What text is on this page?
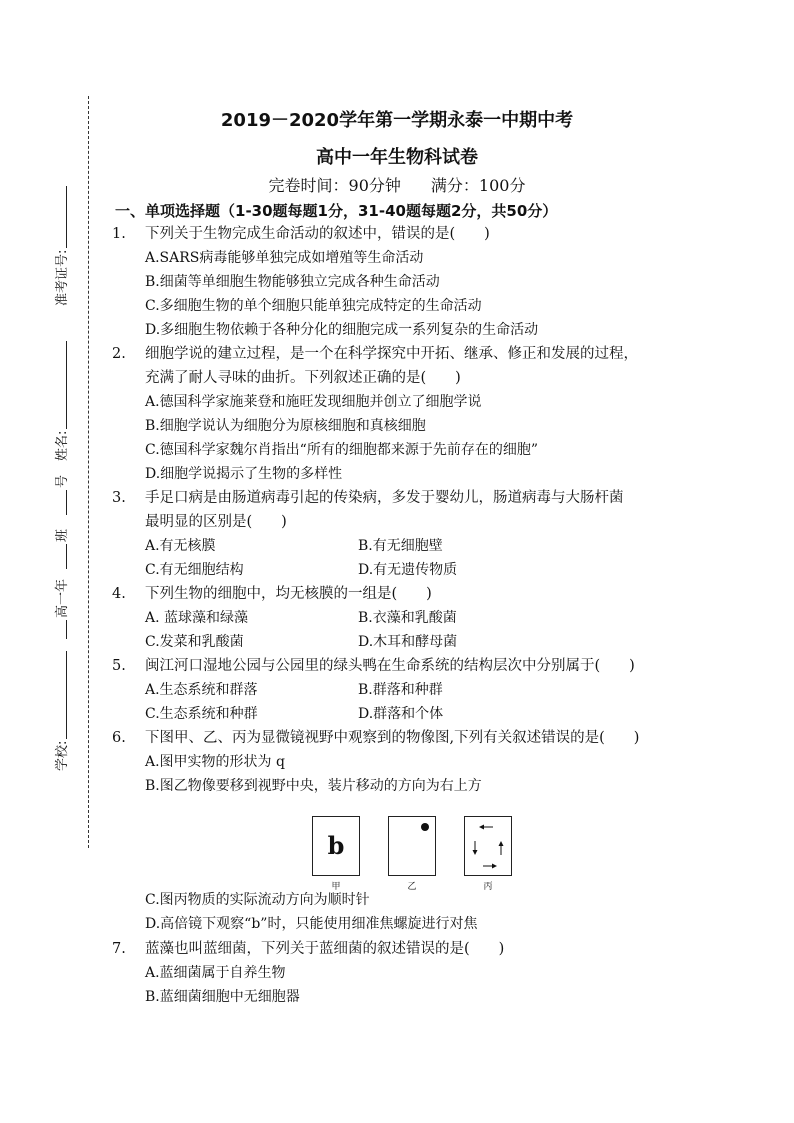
准考证号:
姓名:
号
班
高一年
学校:
2019－2020学年第一学期永泰一中期中考
高中一年生物科试卷
完卷时间：90分钟 满分：100分
一、单项选择题（1-30题每题1分，31-40题每题2分，共50分）
1. 下列关于生物完成生命活动的叙述中，错误的是(　　)
A.SARS病毒能够单独完成如增殖等生命活动
B.细菌等单细胞生物能够独立完成各种生命活动
C.多细胞生物的单个细胞只能单独完成特定的生命活动
D.多细胞生物依赖于各种分化的细胞完成一系列复杂的生命活动
2. 细胞学说的建立过程，是一个在科学探究中开拓、继承、修正和发展的过程，
充满了耐人寻味的曲折。下列叙述正确的是(　　)
A.德国科学家施莱登和施旺发现细胞并创立了细胞学说
B.细胞学说认为细胞分为原核细胞和真核细胞
C.德国科学家魏尔肖指出“所有的细胞都来源于先前存在的细胞”
D.细胞学说揭示了生物的多样性
3. 手足口病是由肠道病毒引起的传染病，多发于婴幼儿，肠道病毒与大肠杆菌
最明显的区别是(　　)
A.有无核膜	B.有无细胞壁
C.有无细胞结构	D.有无遗传物质
4. 下列生物的细胞中，均无核膜的一组是(　　)
A. 蓝球藻和绿藻	B.衣藻和乳酸菌
C.发菜和乳酸菌	D.木耳和酵母菌
5. 闽江河口湿地公园与公园里的绿头鸭在生命系统的结构层次中分别属于(　　)
A.生态系统和群落	B.群落和种群
C.生态系统和种群	D.群落和个体
6. 下图甲、乙、丙为显微镜视野中观察到的物像图,下列有关叙述错误的是(　　)
A.图甲实物的形状为 q
B.图乙物像要移到视野中央，装片移动的方向为右上方
b
甲	乙	丙
C.图丙物质的实际流动方向为顺时针
D.高倍镜下观察“b”时，只能使用细准焦螺旋进行对焦
7. 蓝藻也叫蓝细菌，下列关于蓝细菌的叙述错误的是(　　)
A.蓝细菌属于自养生物
B.蓝细菌细胞中无细胞器
